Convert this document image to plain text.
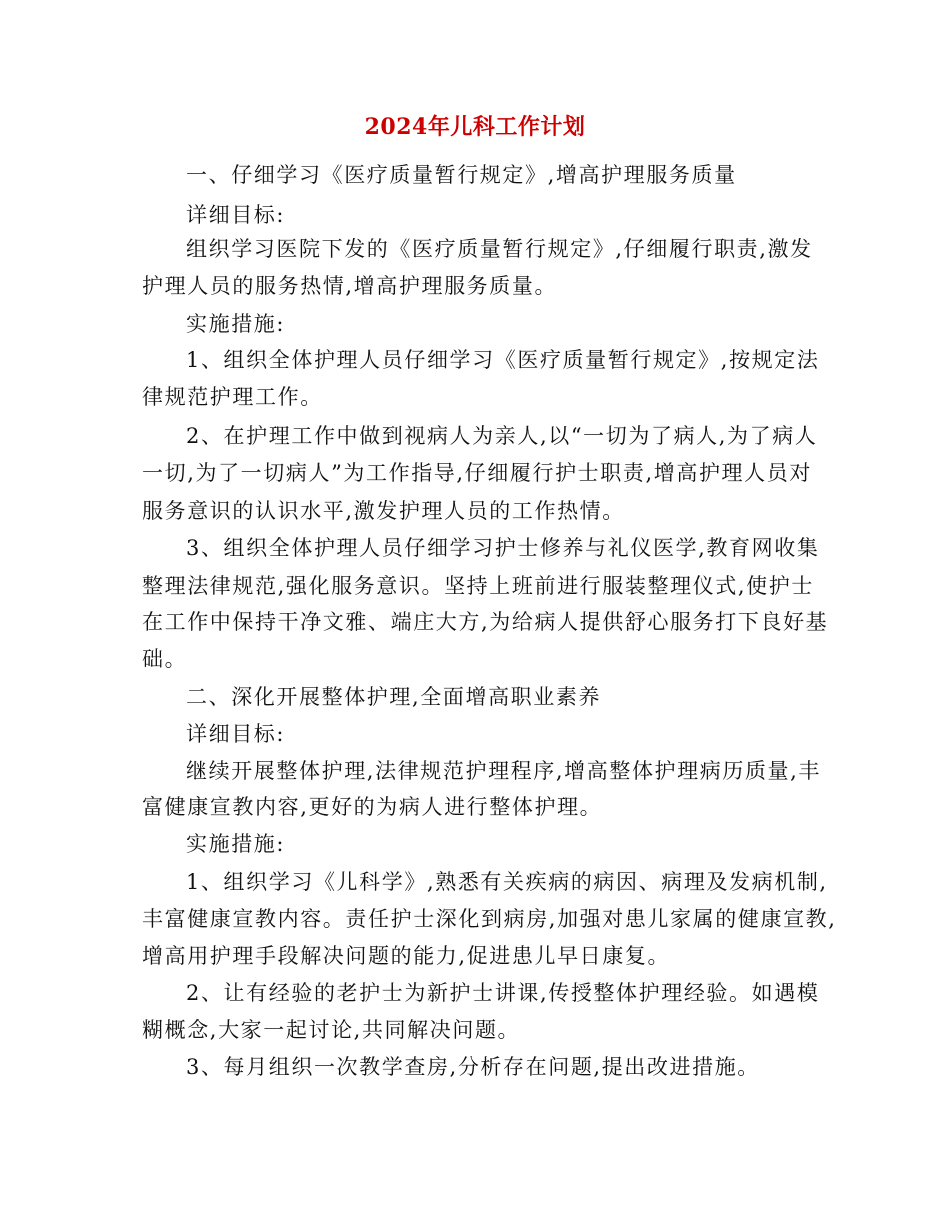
2024年儿科工作计划

一、仔细学习《医疗质量暂行规定》,增高护理服务质量

详细目标:

组织学习医院下发的《医疗质量暂行规定》,仔细履行职责,激发

护理人员的服务热情,增高护理服务质量。

实施措施:

1、组织全体护理人员仔细学习《医疗质量暂行规定》,按规定法

律规范护理工作。

2、在护理工作中做到视病人为亲人,以“一切为了病人,为了病人

一切,为了一切病人”为工作指导,仔细履行护士职责,增高护理人员对

服务意识的认识水平,激发护理人员的工作热情。

3、组织全体护理人员仔细学习护士修养与礼仪医学,教育网收集

整理法律规范,强化服务意识。坚持上班前进行服装整理仪式,使护士

在工作中保持干净文雅、端庄大方,为给病人提供舒心服务打下良好基

础。

二、深化开展整体护理,全面增高职业素养

详细目标:

继续开展整体护理,法律规范护理程序,增高整体护理病历质量,丰

富健康宣教内容,更好的为病人进行整体护理。

实施措施:

1、组织学习《儿科学》,熟悉有关疾病的病因、病理及发病机制,

丰富健康宣教内容。责任护士深化到病房,加强对患儿家属的健康宣教,

增高用护理手段解决问题的能力,促进患儿早日康复。

2、让有经验的老护士为新护士讲课,传授整体护理经验。如遇模

糊概念,大家一起讨论,共同解决问题。

3、每月组织一次教学查房,分析存在问题,提出改进措施。
